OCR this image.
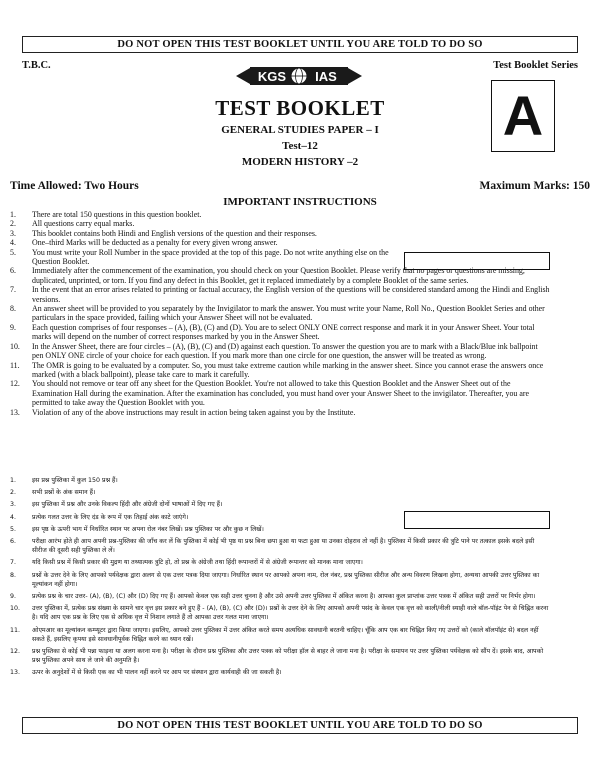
DO NOT OPEN THIS TEST BOOKLET UNTIL YOU ARE TOLD TO DO SO
T.B.C.	Test Booklet Series
KGS IAS
A
TEST BOOKLET
GENERAL STUDIES PAPER – I
Test–12
MODERN HISTORY –2
Time Allowed: Two Hours	Maximum Marks: 150
IMPORTANT INSTRUCTIONS
1.	There are total 150 questions in this question booklet.
2.	All questions carry equal marks.
3.	This booklet contains both Hindi and English versions of the question and their responses.
4.	One–third Marks will be deducted as a penalty for every given wrong answer.
5.	You must write your Roll Number in the space provided at the top of this page. Do not write anything else on the Question Booklet.
6.	Immediately after the commencement of the examination, you should check on your Question Booklet. Please verify that no pages or questions are missing, duplicated, unprinted, or torn. If you find any defect in this Booklet, get it replaced immediately by a complete Booklet of the same series.
7.	In the event that an error arises related to printing or factual accuracy, the English version of the questions will be considered standard among the Hindi and English versions.
8.	An answer sheet will be provided to you separately by the Invigilator to mark the answer. You must write your Name, Roll No., Question Booklet Series and other particulars in the space provided, failing which your Answer Sheet will not be evaluated.
9.	Each question comprises of four responses – (A), (B), (C) and (D). You are to select ONLY ONE correct response and mark it in your Answer Sheet. Your total marks will depend on the number of correct responses marked by you in the Answer Sheet.
10.	In the Answer Sheet, there are four circles – (A), (B), (C) and (D) against each question. To answer the question you are to mark with a Black/Blue ink ballpoint pen ONLY ONE circle of your choice for each question. If you mark more than one circle for one question, the answer will be treated as wrong.
11.	The OMR is going to be evaluated by a computer. So, you must take extreme caution while marking in the answer sheet. Since you cannot erase the answers once marked (with a black ballpoint), please take care to mark it carefully.
12.	You should not remove or tear off any sheet for the Question Booklet. You're not allowed to take this Question Booklet and the Answer Sheet out of the Examination Hall during the examination. After the examination has concluded, you must hand over your Answer Sheet to the invigilator. Thereafter, you are permitted to take away the Question Booklet with you.
13.	Violation of any of the above instructions may result in action being taken against you by the Institute.
1.	इस प्रश्न पुस्तिका में कुल 150 प्रश्न हैं।
2.	सभी प्रश्नों के अंक समान हैं।
3.	इस पुस्तिका में प्रश्न और उनके विकल्प हिंदी और अंग्रेजी दोनों भाषाओं में दिए गए हैं।
4.	प्रत्येक गलत उत्तर के लिए दंड के रूप में एक तिहाई अंक काटे जाएंगे।
5.	इस पृष्ठ के ऊपरी भाग में निर्धारित स्थान पर अपना रोल नंबर लिखें। प्रश्न पुस्तिका पर और कुछ न लिखें।
6.	परीक्षा आरंभ होते ही आप अपनी प्रश्न-पुस्तिका की जाँच कर लें कि पुस्तिका में कोई भी पृष्ठ या प्रश्न बिना छपा हुआ या फटा हुआ या उनका दोहराव तो नहीं है। पुस्तिका में किसी प्रकार की त्रुटि पाने पर तत्काल इसके बदले इसी सीरीज की दूसरी सही पुस्तिका ले लें।
7.	यदि किसी प्रश्न में किसी प्रकार की मुद्रण या तथ्यात्मक त्रुटि हो, तो प्रश्न के अंग्रेजी तथा हिंदी रूपान्तरों में से अंग्रेजी रूपान्तर को मानक माना जाएगा।
8.	प्रश्नों के उत्तर देने के लिए आपको पर्यवेक्षक द्वारा अलग से एक उत्तर पत्रक दिया जाएगा। निर्धारित स्थान पर आपको अपना नाम, रोल नंबर, प्रश्न पुस्तिका सीरीज और अन्य विवरण लिखना होगा, अन्यथा आपकी उत्तर पुस्तिका का मूल्यांकन नहीं होगा।
9.	प्रत्येक प्रश्न के चार उत्तर- (A), (B), (C) और (D) दिए गए हैं। आपको केवल एक सही उत्तर चुनना है और उसे अपनी उत्तर पुस्तिका में अंकित करना है। आपका कुल प्राप्तांक उत्तर पत्रक में अंकित सही उत्तरों पर निर्भर होगा।
10.	उत्तर पुस्तिका में, प्रत्येक प्रश्न संख्या के सामने चार वृत्त इस प्रकार बने हुए हैं - (A), (B), (C) और (D)। प्रश्नों के उत्तर देने के लिए आपको अपनी पसंद के केवल एक वृत्त को काली/नीली स्याही वाले बॉल-पॉइंट पेन से चिह्नित करना है। यदि आप एक प्रश्न के लिए एक से अधिक वृत्त में निशान लगाते हैं तो आपका उत्तर गलत माना जाएगा।
11.	ओएमआर का मूल्यांकन कम्प्यूटर द्वारा किया जाएगा। इसलिए, आपको उत्तर पुस्तिका में उत्तर अंकित करते समय अत्यधिक सावधानी बरतनी चाहिए। चूँकि आप एक बार चिह्नित किए गए उत्तरों को (काले बॉलपॉइंट से) बदल नहीं सकते हैं, इसलिए कृपया इसे सावधानीपूर्वक चिह्नित करने का ध्यान रखें।
12.	प्रश्न पुस्तिका से कोई भी पन्ना फाड़ना या अलग करना मना है। परीक्षा के दौरान प्रश्न पुस्तिका और उत्तर पत्रक को परीक्षा हॉल से बाहर ले जाना मना है। परीक्षा के समापन पर उत्तर पुस्तिका पर्यवेक्षक को सौंप दें। इसके बाद, आपको प्रश्न पुस्तिका अपने साथ ले जाने की अनुमति है।
13.	ऊपर के अनुदेशों में से किसी एक का भी पालन नहीं करने पर आप पर संस्थान द्वारा कार्यवाही की जा सकती है।
DO NOT OPEN THIS TEST BOOKLET UNTIL YOU ARE TOLD TO DO SO
